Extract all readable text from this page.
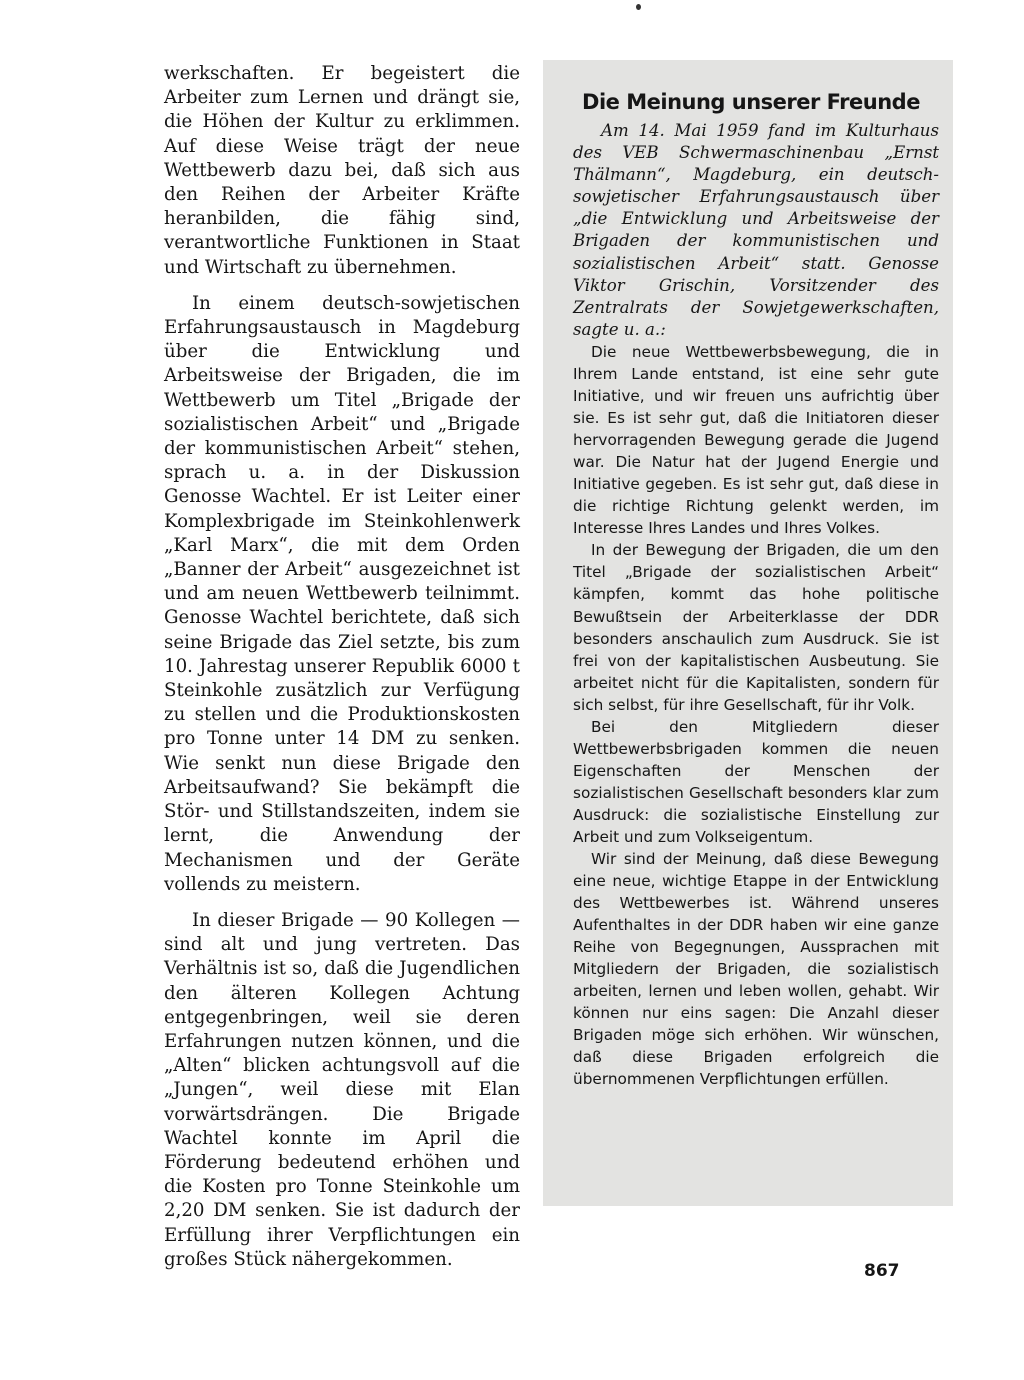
werkschaften. Er begeistert die Arbeiter zum Lernen und drängt sie, die Höhen der Kultur zu erklimmen. Auf diese Weise trägt der neue Wettbewerb dazu bei, daß sich aus den Reihen der Arbeiter Kräfte heranbilden, die fähig sind, verantwortliche Funktionen in Staat und Wirtschaft zu übernehmen.

In einem deutsch-sowjetischen Erfahrungsaustausch in Magdeburg über die Entwicklung und Arbeitsweise der Brigaden, die im Wettbewerb um Titel „Brigade der sozialistischen Arbeit“ und „Brigade der kommunistischen Arbeit“ stehen, sprach u. a. in der Diskussion Genosse Wachtel. Er ist Leiter einer Komplexbrigade im Steinkohlenwerk „Karl Marx“, die mit dem Orden „Banner der Arbeit“ ausgezeichnet ist und am neuen Wettbewerb teilnimmt. Genosse Wachtel berichtete, daß sich seine Brigade das Ziel setzte, bis zum 10. Jahrestag unserer Republik 6000 t Steinkohle zusätzlich zur Verfügung zu stellen und die Produktionskosten pro Tonne unter 14 DM zu senken. Wie senkt nun diese Brigade den Arbeitsaufwand? Sie bekämpft die Stör- und Stillstandszeiten, indem sie lernt, die Anwendung der Mechanismen und der Geräte vollends zu meistern.

In dieser Brigade — 90 Kollegen — sind alt und jung vertreten. Das Verhältnis ist so, daß die Jugendlichen den älteren Kollegen Achtung entgegenbringen, weil sie deren Erfahrungen nutzen können, und die „Alten“ blicken achtungsvoll auf die „Jungen“, weil diese mit Elan vorwärtsdrängen. Die Brigade Wachtel konnte im April die Förderung bedeutend erhöhen und die Kosten pro Tonne Steinkohle um 2,20 DM senken. Sie ist dadurch der Erfüllung ihrer Verpflichtungen ein großes Stück nähergekommen.

Die Meinung unserer Freunde

Am 14. Mai 1959 fand im Kulturhaus des VEB Schwermaschinenbau „Ernst Thälmann“, Magdeburg, ein deutsch-sowjetischer Erfahrungsaustausch über „die Entwicklung und Arbeitsweise der Brigaden der kommunistischen und sozialistischen Arbeit“ statt. Genosse Viktor Grischin, Vorsitzender des Zentralrats der Sowjetgewerkschaften, sagte u. a.:

Die neue Wettbewerbsbewegung, die in Ihrem Lande entstand, ist eine sehr gute Initiative, und wir freuen uns aufrichtig über sie. Es ist sehr gut, daß die Initiatoren dieser hervorragenden Bewegung gerade die Jugend war. Die Natur hat der Jugend Energie und Initiative gegeben. Es ist sehr gut, daß diese in die richtige Richtung gelenkt werden, im Interesse Ihres Landes und Ihres Volkes.

In der Bewegung der Brigaden, die um den Titel „Brigade der sozialistischen Arbeit“ kämpfen, kommt das hohe politische Bewußtsein der Arbeiterklasse der DDR besonders anschaulich zum Ausdruck. Sie ist frei von der kapitalistischen Ausbeutung. Sie arbeitet nicht für die Kapitalisten, sondern für sich selbst, für ihre Gesellschaft, für ihr Volk.

Bei den Mitgliedern dieser Wettbewerbsbrigaden kommen die neuen Eigenschaften der Menschen der sozialistischen Gesellschaft besonders klar zum Ausdruck: die sozialistische Einstellung zur Arbeit und zum Volkseigentum.

Wir sind der Meinung, daß diese Bewegung eine neue, wichtige Etappe in der Entwicklung des Wettbewerbes ist. Während unseres Aufenthaltes in der DDR haben wir eine ganze Reihe von Begegnungen, Aussprachen mit Mitgliedern der Brigaden, die sozialistisch arbeiten, lernen und leben wollen, gehabt. Wir können nur eins sagen: Die Anzahl dieser Brigaden möge sich erhöhen. Wir wünschen, daß diese Brigaden erfolgreich die übernommenen Verpflichtungen erfüllen.

867
